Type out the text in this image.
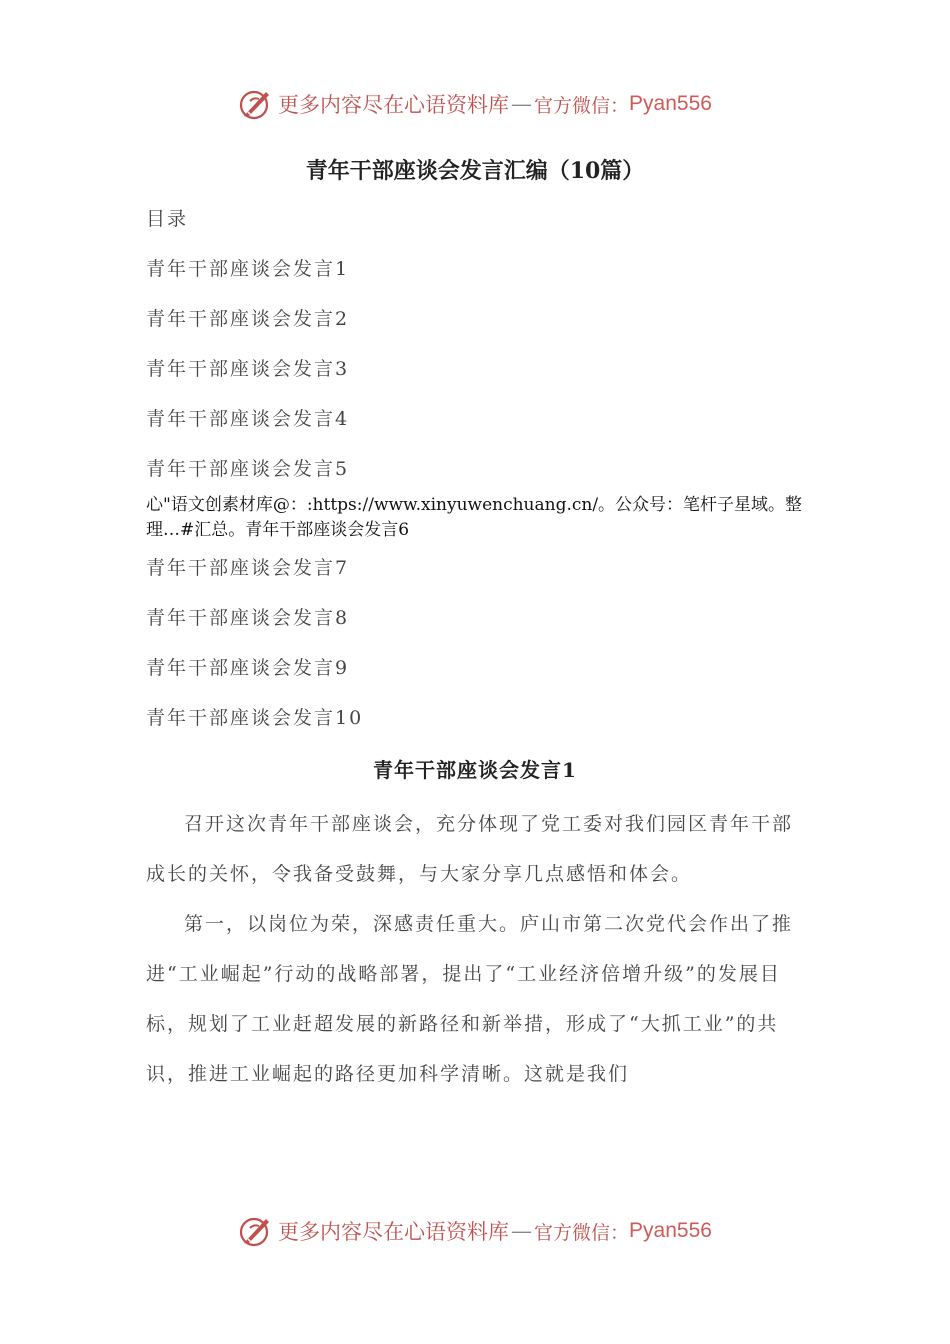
更多内容尽在心语资料库 — 官方微信： Pyan556
青年干部座谈会发言汇编（10篇）
目录
青年干部座谈会发言1
青年干部座谈会发言2
青年干部座谈会发言3
青年干部座谈会发言4
青年干部座谈会发言5
青年干部座谈会发言7
青年干部座谈会发言8
青年干部座谈会发言9
青年干部座谈会发言10
心"语文创素材库@：:https://www.xinyuwenchuang.cn/。公众号：笔杆子星域。整理…#汇总。青年干部座谈会发言6
青年干部座谈会发言1

召开这次青年干部座谈会，充分体现了党工委对我们园区青年干部成长的关怀，令我备受鼓舞，与大家分享几点感悟和体会。

第一，以岗位为荣，深感责任重大。庐山市第二次党代会作出了推进“工业崛起”行动的战略部署，提出了“工业经济倍增升级”的发展目标，规划了工业赶超发展的新路径和新举措，形成了“大抓工业”的共识，推进工业崛起的路径更加科学清晰。这就是我们

更多内容尽在心语资料库 — 官方微信： Pyan556
